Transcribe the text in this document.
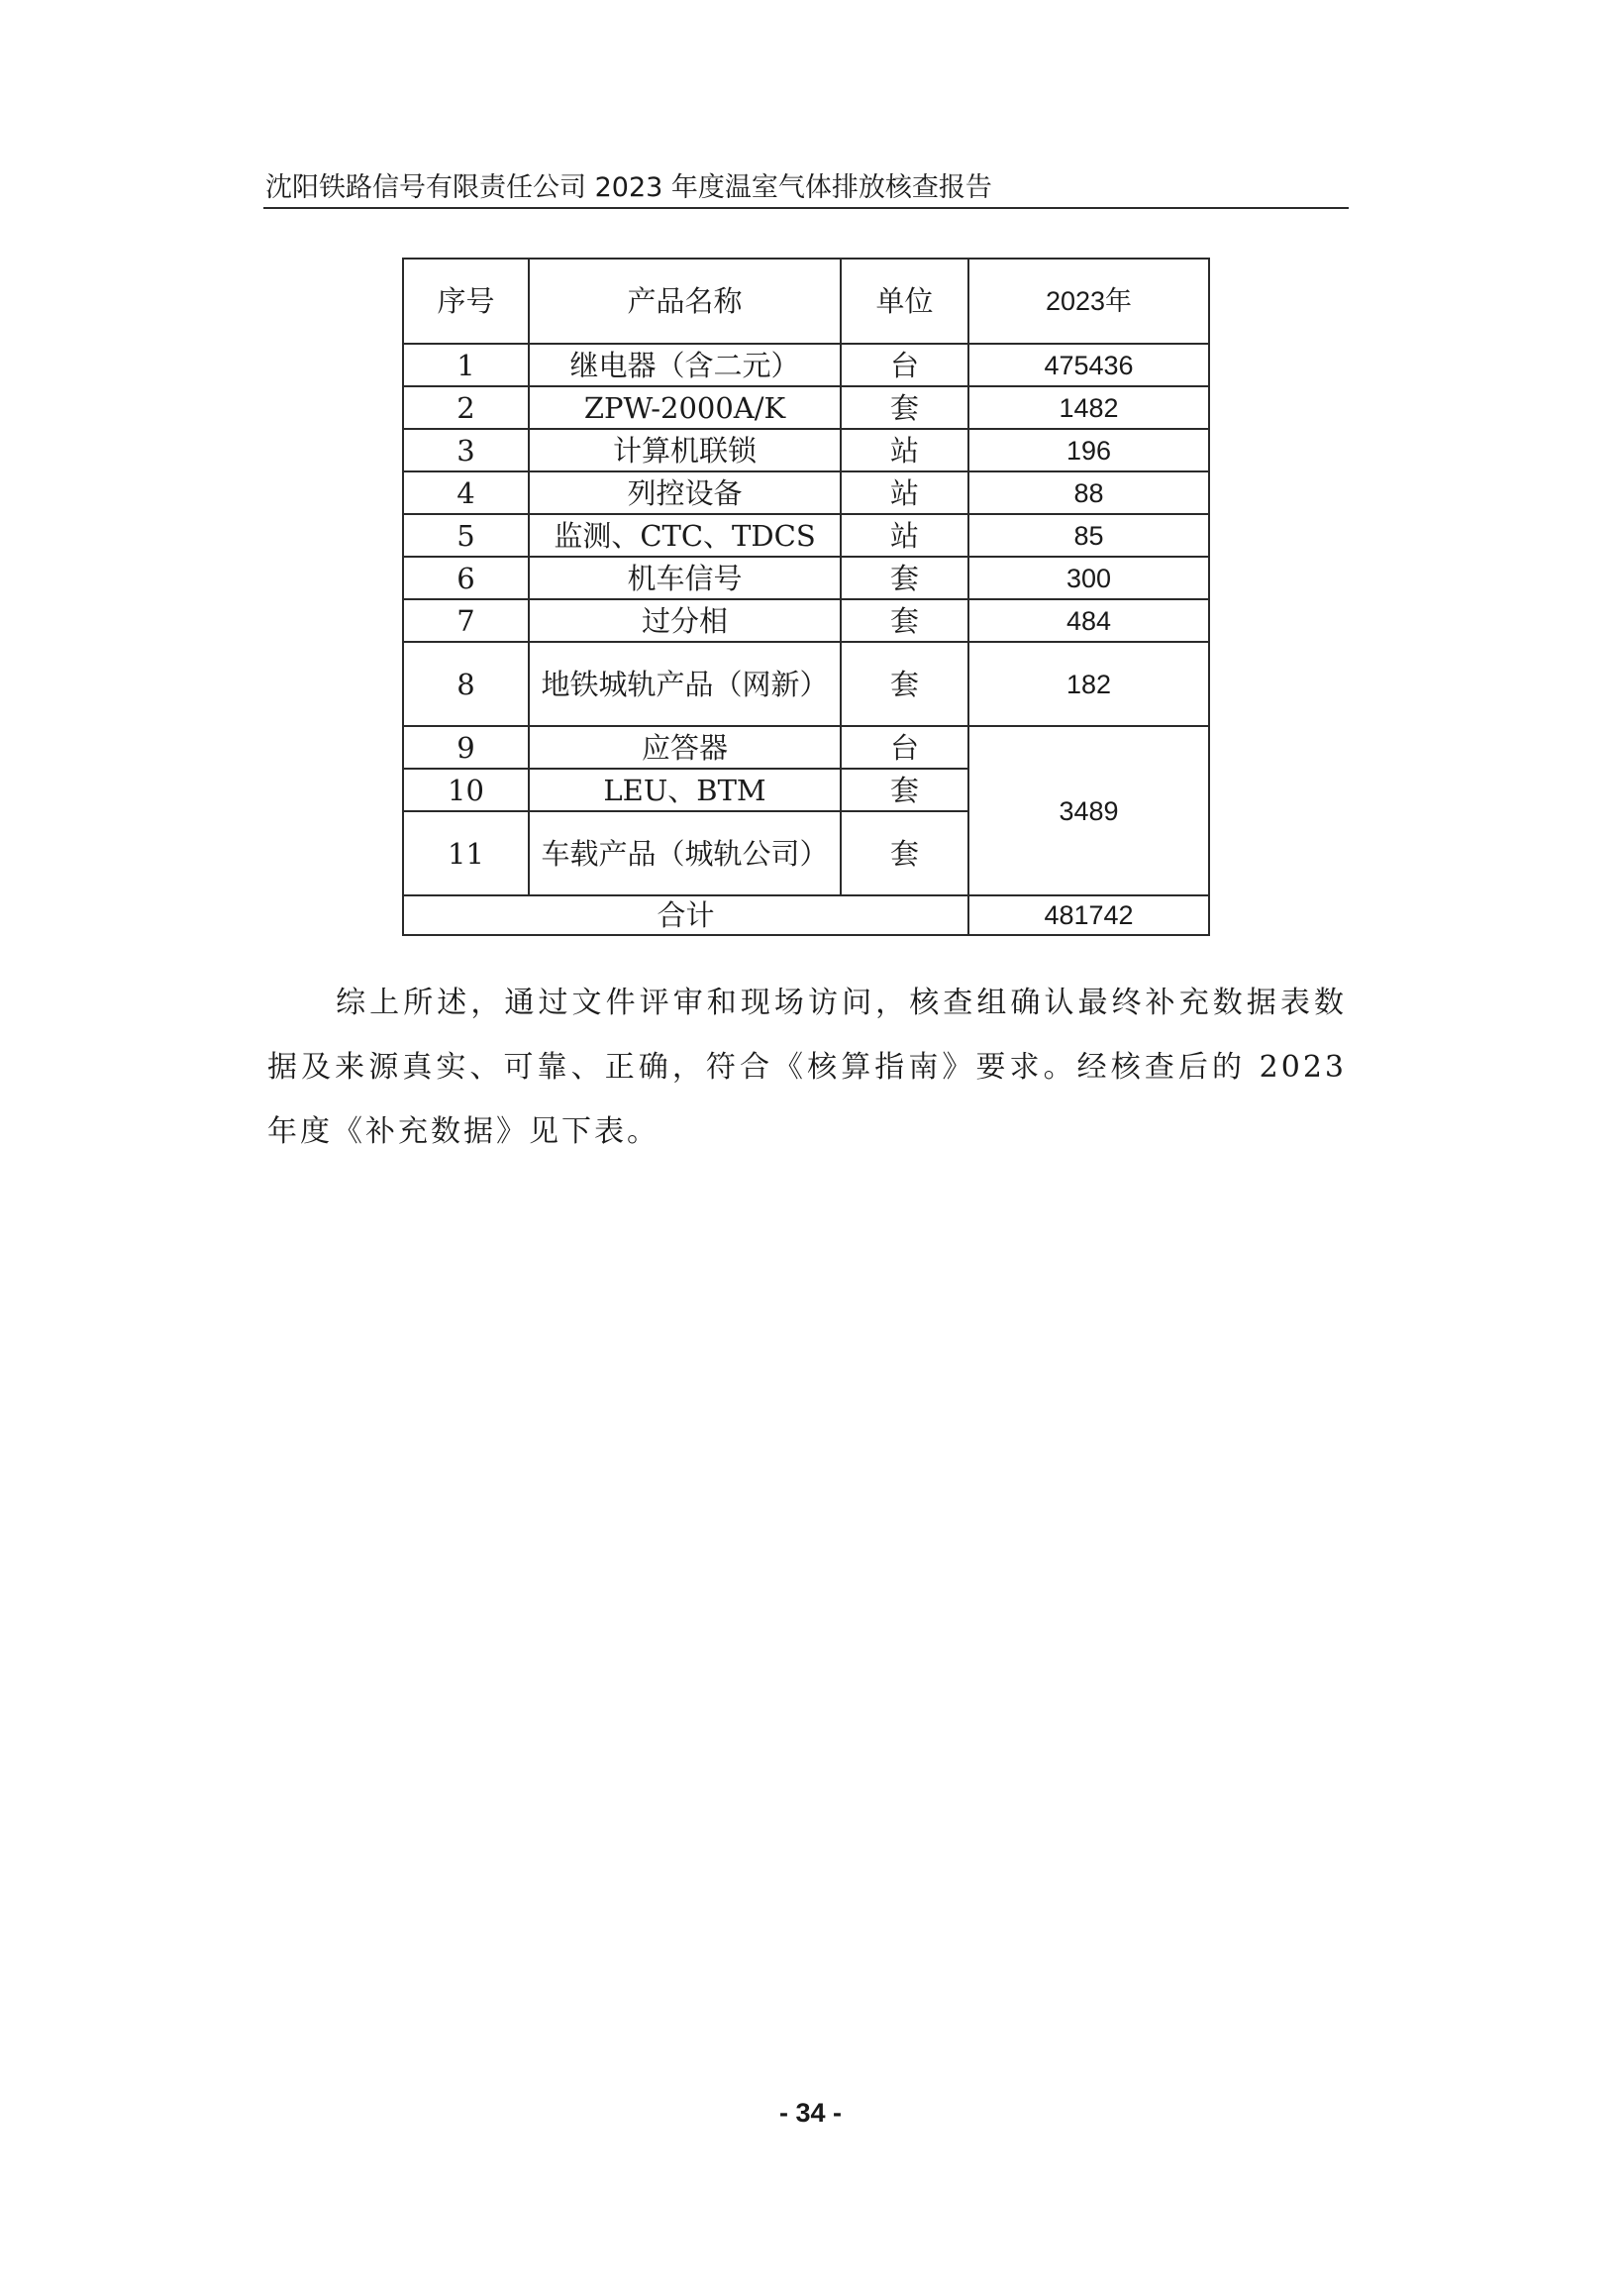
沈阳铁路信号有限责任公司 2023 年度温室气体排放核查报告
序号	产品名称	单位	2023年
1	继电器（含二元）	台	475436
2	ZPW-2000A/K	套	1482
3	计算机联锁	站	196
4	列控设备	站	88
5	监测、CTC、TDCS	站	85
6	机车信号	套	300
7	过分相	套	484
8	地铁城轨产品（网新）	套	182
9	应答器	台	3489
10	LEU、BTM	套	
11	车载产品（城轨公司）	套	
合计			481742
综上所述，通过文件评审和现场访问，核查组确认最终补充数据表数据及来源真实、可靠、正确，符合《核算指南》要求。经核查后的 2023 年度《补充数据》见下表。
- 34 -
